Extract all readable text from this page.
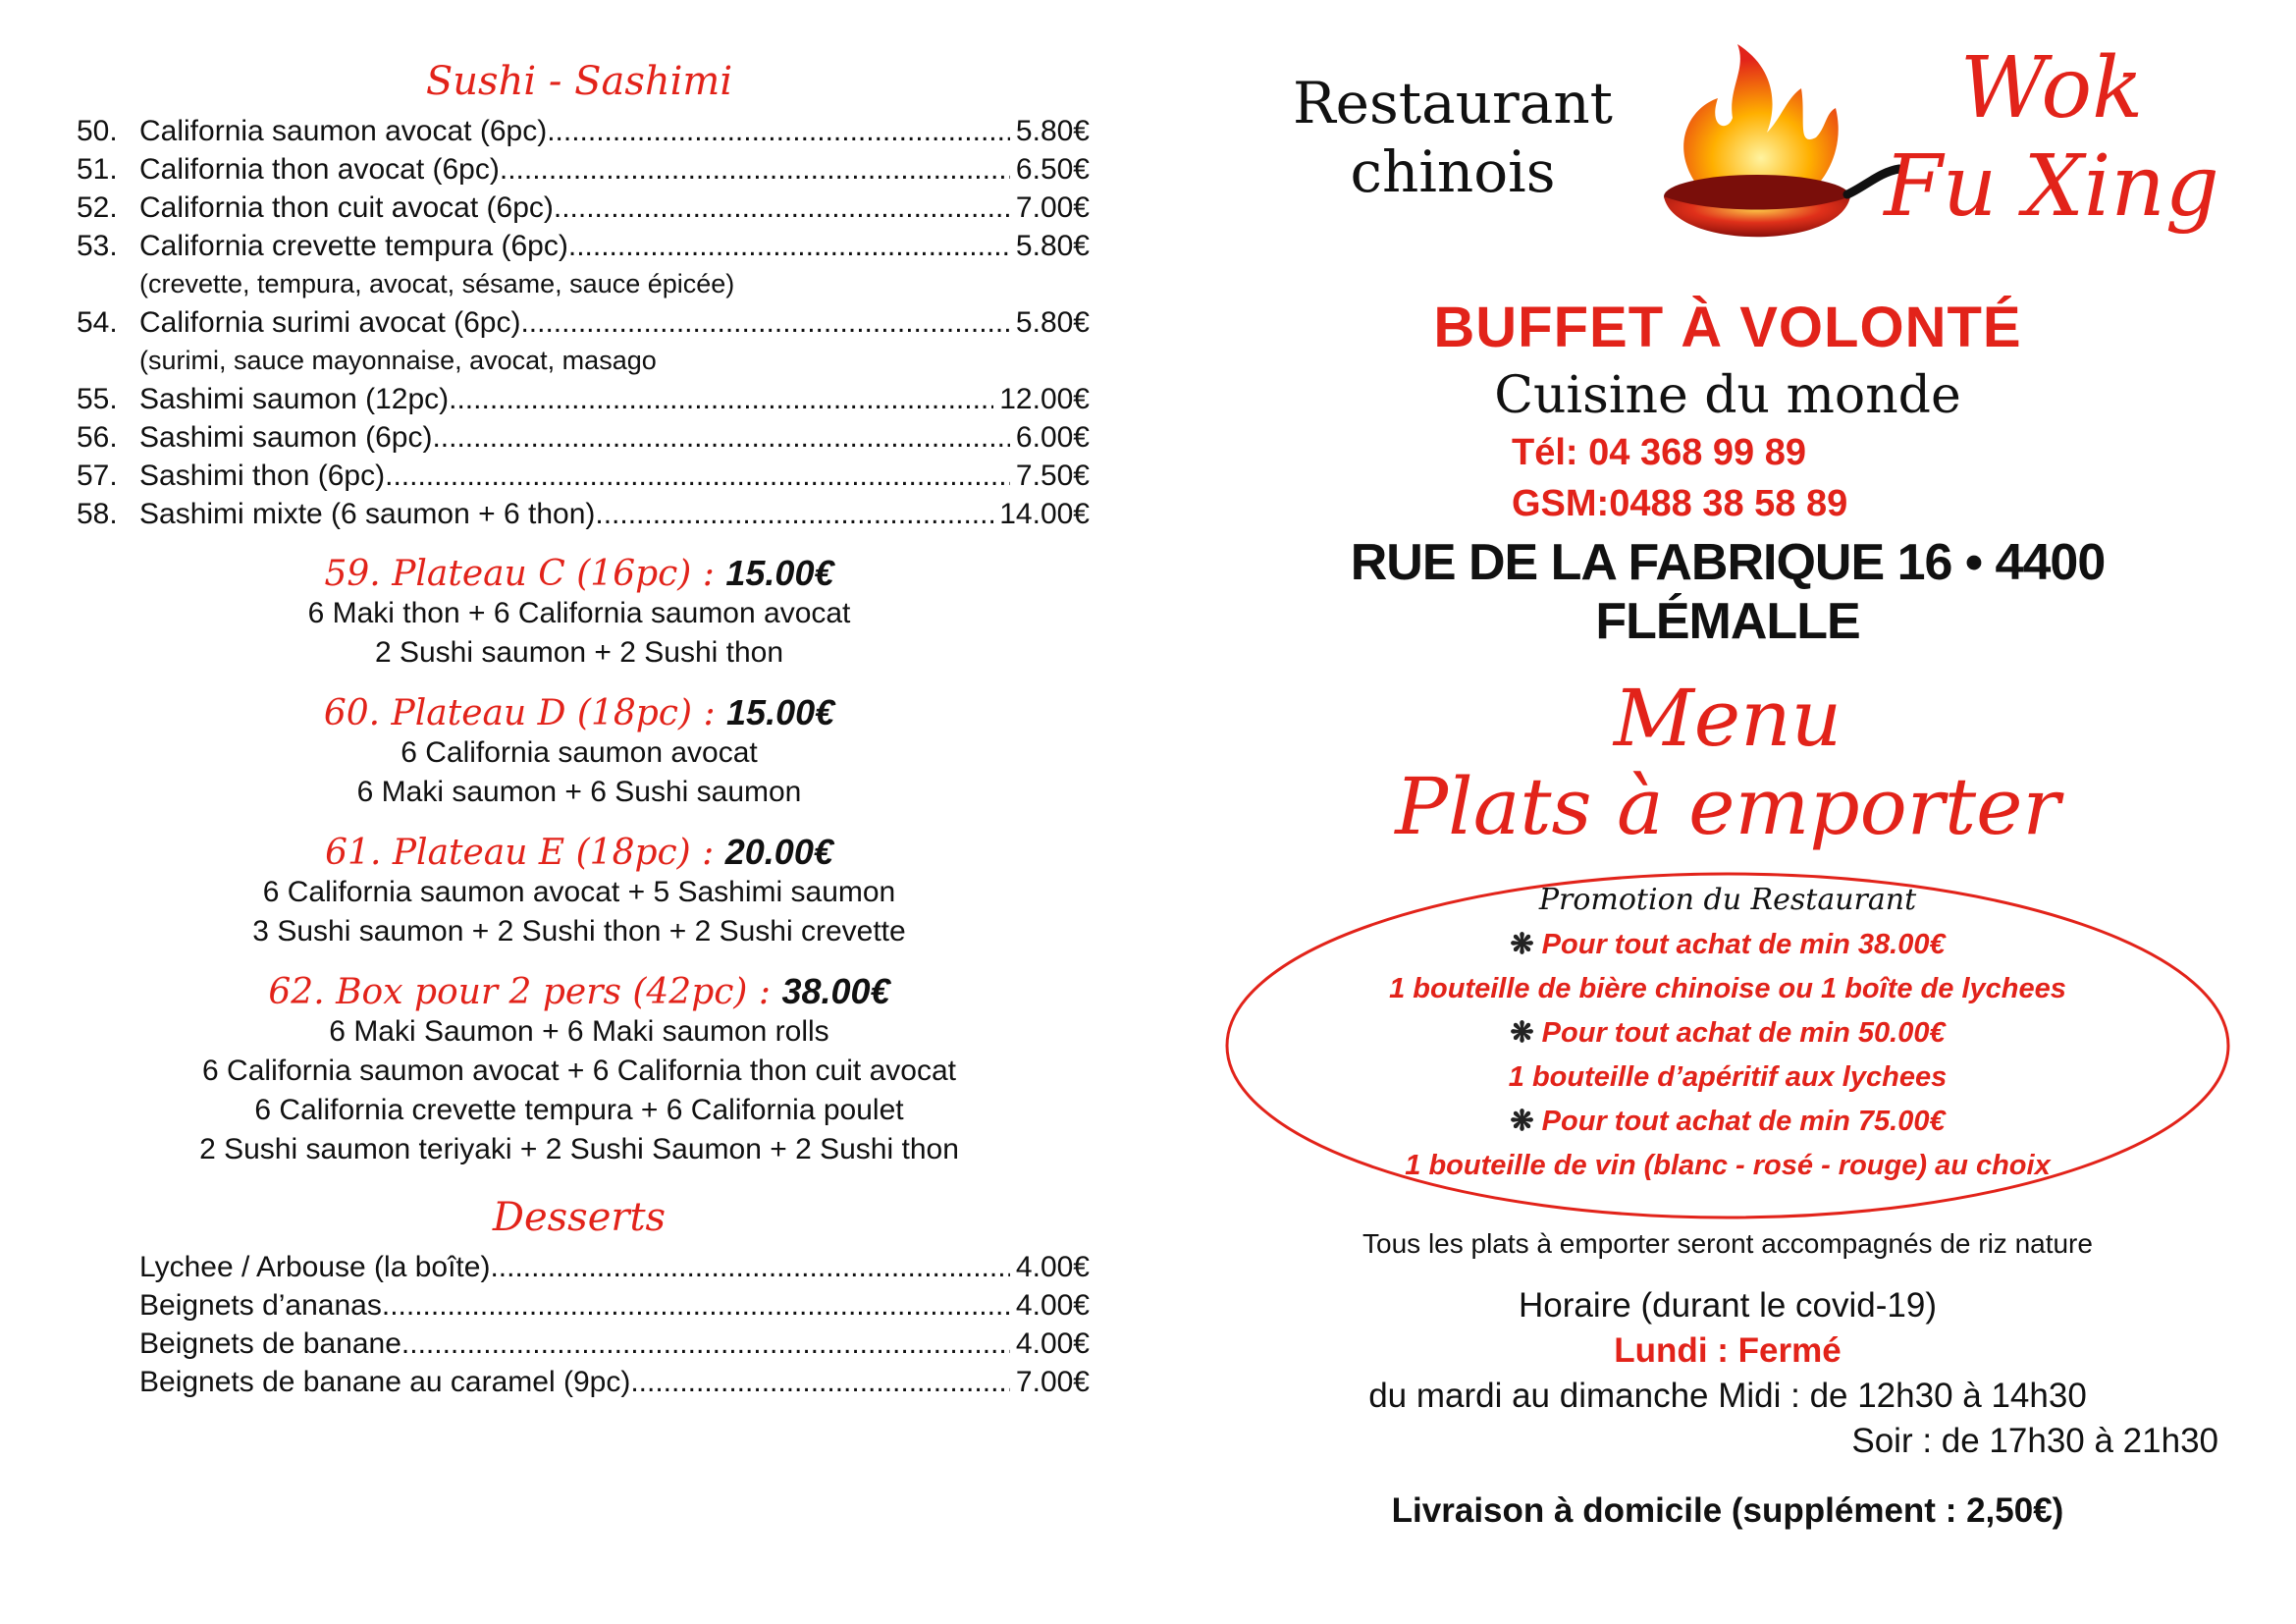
Sushi - Sashimi
50. California saumon avocat (6pc) .....	5.80€
51. California thon avocat (6pc) .....	6.50€
52. California thon cuit avocat (6pc) .....	7.00€
53. California crevette tempura (6pc) .....	5.80€
(crevette, tempura, avocat, sésame, sauce épicée)
54. California surimi avocat (6pc) .....	5.80€
(surimi, sauce mayonnaise, avocat, masago
55. Sashimi saumon (12pc) .....	12.00€
56. Sashimi saumon (6pc) .....	6.00€
57. Sashimi thon (6pc) .....	7.50€
58. Sashimi mixte (6 saumon + 6 thon) .....	14.00€
59. Plateau C (16pc) : 15.00€
6 Maki thon + 6 California saumon avocat
2 Sushi saumon + 2 Sushi thon
60. Plateau D (18pc) : 15.00€
6 California saumon avocat
6 Maki saumon + 6 Sushi saumon
61. Plateau E (18pc) : 20.00€
6 California saumon avocat + 5 Sashimi saumon
3 Sushi saumon + 2 Sushi thon + 2 Sushi crevette
62. Box pour 2 pers (42pc) : 38.00€
6 Maki Saumon + 6 Maki saumon rolls
6 California saumon avocat + 6 California thon cuit avocat
6 California crevette tempura + 6 California poulet
2 Sushi saumon teriyaki + 2 Sushi Saumon + 2 Sushi thon
Desserts
Lychee / Arbouse (la boîte) .....	4.00€
Beignets d’ananas .....	4.00€
Beignets de banane .....	4.00€
Beignets de banane au caramel (9pc) .....	7.00€
Restaurant
chinois
Wok
Fu Xing
BUFFET À VOLONTÉ
Cuisine du monde
Tél: 04 368 99 89
GSM:0488 38 58 89
RUE DE LA FABRIQUE 16 • 4400 FLÉMALLE
Menu
Plats à emporter
Promotion du Restaurant
❋ Pour tout achat de min 38.00€
1 bouteille de bière chinoise ou 1 boîte de lychees
❋ Pour tout achat de min 50.00€
1 bouteille d’apéritif aux lychees
❋ Pour tout achat de min 75.00€
1 bouteille de vin (blanc - rosé - rouge) au choix
Tous les plats à emporter seront accompagnés de riz nature
Horaire (durant le covid-19)
Lundi : Fermé
du mardi au dimanche Midi : de 12h30 à 14h30
Soir : de 17h30 à 21h30
Livraison à domicile (supplément : 2,50€)
